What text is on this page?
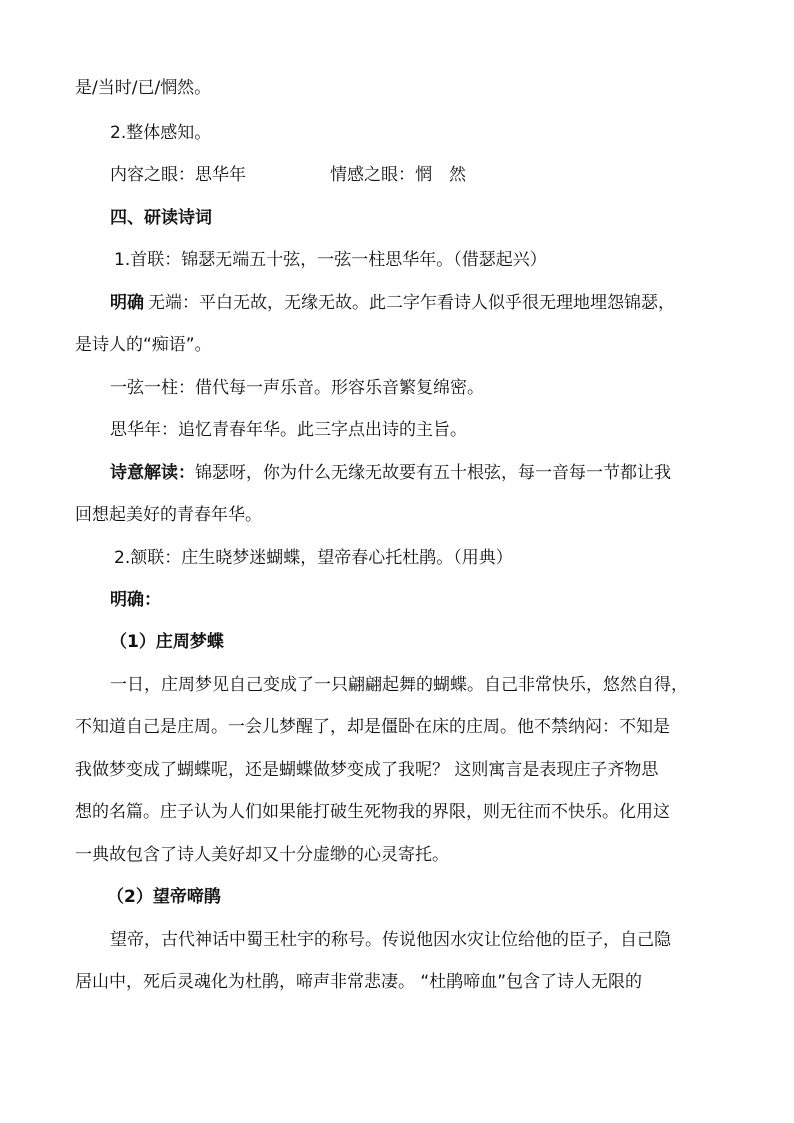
是/当时/已/惘然。
2.整体感知。
内容之眼：思华年	情感之眼：惘　然
四、研读诗词
1.首联：锦瑟无端五十弦，一弦一柱思华年。（借瑟起兴）
明确 无端：平白无故，无缘无故。此二字乍看诗人似乎很无理地埋怨锦瑟，
是诗人的“痴语”。
一弦一柱：借代每一声乐音。形容乐音繁复绵密。
思华年：追忆青春年华。此三字点出诗的主旨。
诗意解读：锦瑟呀，你为什么无缘无故要有五十根弦，每一音每一节都让我
回想起美好的青春年华。
2.颔联：庄生晓梦迷蝴蝶，望帝春心托杜鹃。（用典）
明确：
（1）庄周梦蝶
一日，庄周梦见自己变成了一只翩翩起舞的蝴蝶。自己非常快乐，悠然自得，
不知道自己是庄周。一会儿梦醒了，却是僵卧在床的庄周。他不禁纳闷：不知是
我做梦变成了蝴蝶呢，还是蝴蝶做梦变成了我呢？ 这则寓言是表现庄子齐物思
想的名篇。庄子认为人们如果能打破生死物我的界限，则无往而不快乐。化用这
一典故包含了诗人美好却又十分虚缈的心灵寄托。
（2）望帝啼鹃
望帝，古代神话中蜀王杜宇的称号。传说他因水灾让位给他的臣子，自己隐
居山中，死后灵魂化为杜鹃，啼声非常悲凄。 “杜鹃啼血”包含了诗人无限的
